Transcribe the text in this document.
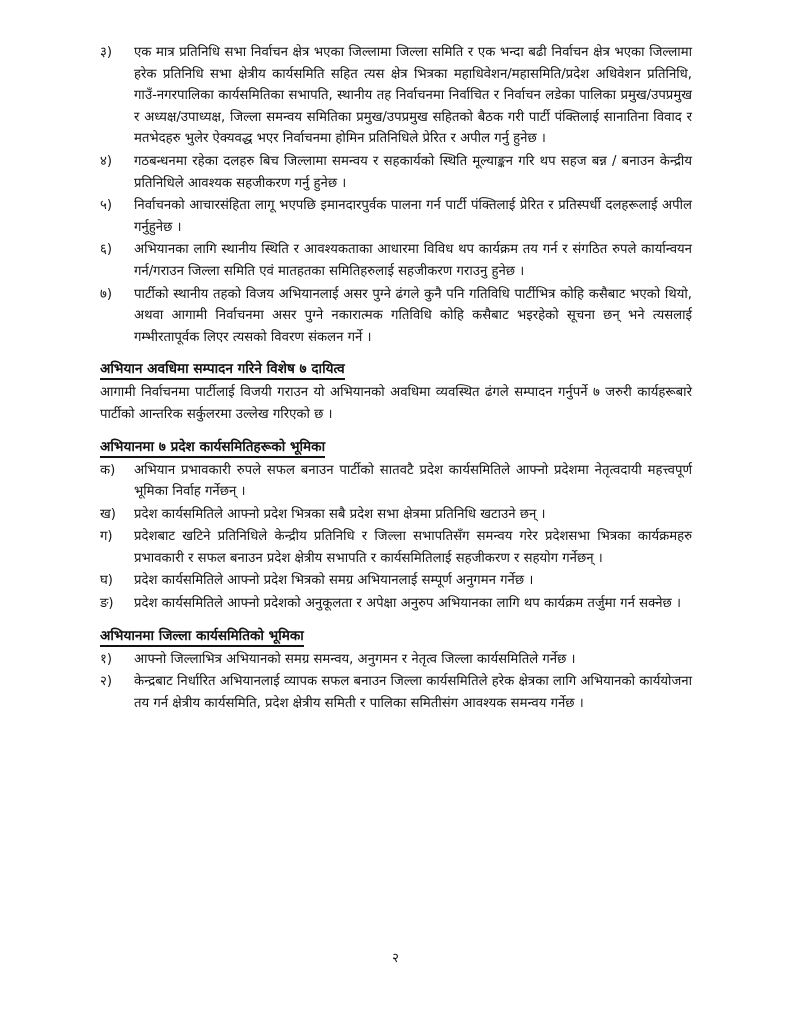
३)	एक मात्र प्रतिनिधि सभा निर्वाचन क्षेत्र भएका जिल्लामा जिल्ला समिति र एक भन्दा बढी निर्वाचन क्षेत्र भएका जिल्लामा हरेक प्रतिनिधि सभा क्षेत्रीय कार्यसमिति सहित त्यस क्षेत्र भित्रका महाधिवेशन/महासमिति/प्रदेश अधिवेशन प्रतिनिधि, गाउँ-नगरपालिका कार्यसमितिका सभापति, स्थानीय तह निर्वाचनमा निर्वाचित र निर्वाचन लडेका पालिका प्रमुख/उपप्रमुख र अध्यक्ष/उपाध्यक्ष, जिल्ला समन्वय समितिका प्रमुख/उपप्रमुख सहितको बैठक गरी पार्टी पंक्तिलाई सानातिना विवाद र मतभेदहरु भुलेर ऐक्यवद्ध भएर निर्वाचनमा होमिन प्रतिनिधिले प्रेरित र अपील गर्नु हुनेछ ।
४)	गठबन्धनमा रहेका दलहरु बिच जिल्लामा समन्वय र सहकार्यको स्थिति मूल्याङ्कन गरि थप सहज बन्न / बनाउन केन्द्रीय प्रतिनिधिले आवश्यक सहजीकरण गर्नु हुनेछ ।
५)	निर्वाचनको आचारसंहिता लागू भएपछि इमानदारपुर्वक पालना गर्न पार्टी पंक्तिलाई प्रेरित र प्रतिस्पर्धी दलहरूलाई अपील गर्नुहुनेछ ।
६)	अभियानका लागि स्थानीय स्थिति र आवश्यकताका आधारमा विविध थप कार्यक्रम तय गर्न र संगठित रुपले कार्यान्वयन गर्न/गराउन जिल्ला समिति एवं मातहतका समितिहरुलाई सहजीकरण गराउनु हुनेछ ।
७)	पार्टीको स्थानीय तहको विजय अभियानलाई असर पुग्ने ढंगले कुनै पनि गतिविधि पार्टीभित्र कोहि कसैबाट भएको थियो, अथवा आगामी निर्वाचनमा असर पुग्ने नकारात्मक गतिविधि कोहि कसैबाट भइरहेको सूचना छन् भने त्यसलाई गम्भीरतापूर्वक लिएर त्यसको विवरण संकलन गर्ने ।
अभियान अवधिमा सम्पादन गरिने विशेष ७ दायित्व
आगामी निर्वाचनमा पार्टीलाई विजयी गराउन यो अभियानको अवधिमा व्यवस्थित ढंगले सम्पादन गर्नुपर्ने ७ जरुरी कार्यहरूबारे पार्टीको आन्तरिक सर्कुलरमा उल्लेख गरिएको छ ।
अभियानमा ७ प्रदेश कार्यसमितिहरूको भूमिका
क)	अभियान प्रभावकारी रुपले सफल बनाउन पार्टीको सातवटै प्रदेश कार्यसमितिले आफ्नो प्रदेशमा नेतृत्वदायी महत्त्वपूर्ण भूमिका निर्वाह गर्नेछन् ।
ख)	प्रदेश कार्यसमितिले आफ्नो प्रदेश भित्रका सबै प्रदेश सभा क्षेत्रमा प्रतिनिधि खटाउने छन् ।
ग)	प्रदेशबाट खटिने प्रतिनिधिले केन्द्रीय प्रतिनिधि र जिल्ला सभापतिसँग समन्वय गरेर प्रदेशसभा भित्रका कार्यक्रमहरु प्रभावकारी र सफल बनाउन प्रदेश क्षेत्रीय सभापति र कार्यसमितिलाई सहजीकरण र सहयोग गर्नेछन् ।
घ)	प्रदेश कार्यसमितिले आफ्नो प्रदेश भित्रको समग्र अभियानलाई सम्पूर्ण अनुगमन गर्नेछ ।
ङ)	प्रदेश कार्यसमितिले आफ्नो प्रदेशको अनुकूलता र अपेक्षा अनुरुप अभियानका लागि थप कार्यक्रम तर्जुमा गर्न सक्नेछ ।
अभियानमा जिल्ला कार्यसमितिको भूमिका
१)	आफ्नो जिल्लाभित्र अभियानको समग्र समन्वय, अनुगमन र नेतृत्व जिल्ला कार्यसमितिले गर्नेछ ।
२)	केन्द्रबाट निर्धारित अभियानलाई व्यापक सफल बनाउन जिल्ला कार्यसमितिले हरेक क्षेत्रका लागि अभियानको कार्ययोजना तय गर्न क्षेत्रीय कार्यसमिति, प्रदेश क्षेत्रीय समिती र पालिका समितीसंग आवश्यक समन्वय गर्नेछ ।
२
